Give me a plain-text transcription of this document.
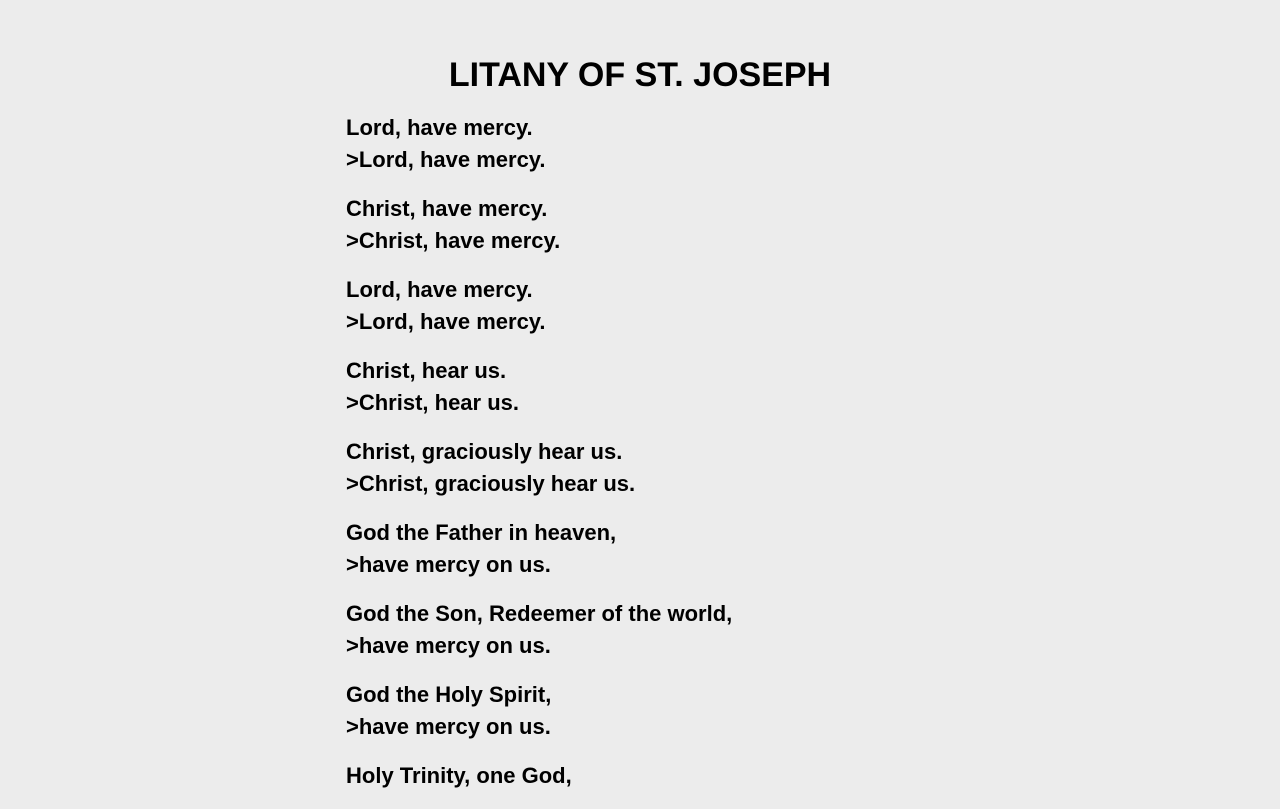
LITANY OF ST. JOSEPH
Lord, have mercy.
>Lord, have mercy.
Christ, have mercy.
>Christ, have mercy.
Lord, have mercy.
>Lord, have mercy.
Christ, hear us.
>Christ, hear us.
Christ, graciously hear us.
>Christ, graciously hear us.
God the Father in heaven,
>have mercy on us.
God the Son, Redeemer of the world,
>have mercy on us.
God the Holy Spirit,
>have mercy on us.
Holy Trinity, one God,
